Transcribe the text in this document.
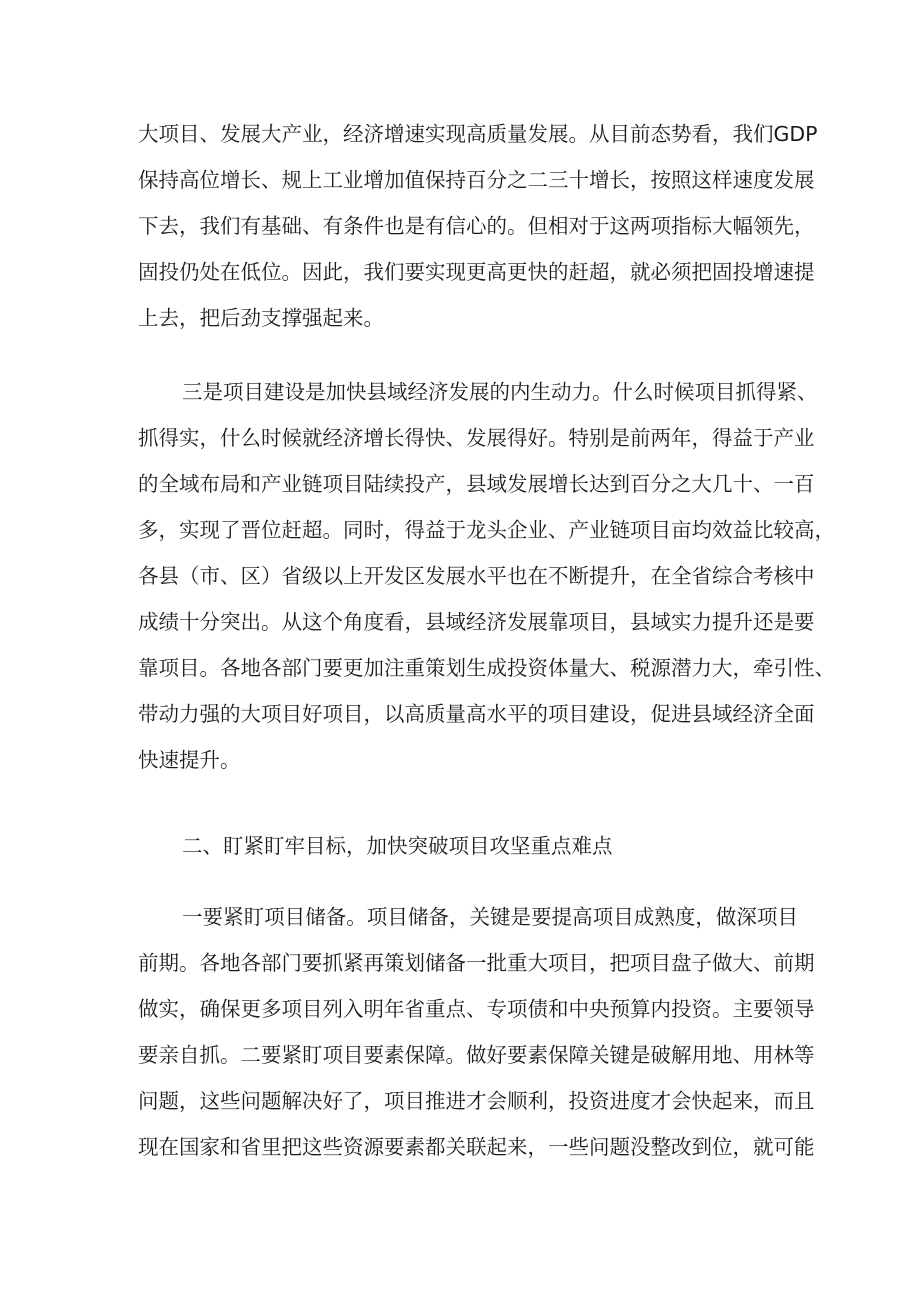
大项目、发展大产业，经济增速实现高质量发展。从目前态势看，我们GDP
保持高位增长、规上工业增加值保持百分之二三十增长，按照这样速度发展
下去，我们有基础、有条件也是有信心的。但相对于这两项指标大幅领先，
固投仍处在低位。因此，我们要实现更高更快的赶超，就必须把固投增速提
上去，把后劲支撑强起来。
三是项目建设是加快县域经济发展的内生动力。什么时候项目抓得紧、
抓得实，什么时候就经济增长得快、发展得好。特别是前两年，得益于产业
的全域布局和产业链项目陆续投产，县域发展增长达到百分之大几十、一百
多，实现了晋位赶超。同时，得益于龙头企业、产业链项目亩均效益比较高，
各县（市、区）省级以上开发区发展水平也在不断提升，在全省综合考核中
成绩十分突出。从这个角度看，县域经济发展靠项目，县域实力提升还是要
靠项目。各地各部门要更加注重策划生成投资体量大、税源潜力大，牵引性、
带动力强的大项目好项目，以高质量高水平的项目建设，促进县域经济全面
快速提升。
二、盯紧盯牢目标，加快突破项目攻坚重点难点
一要紧盯项目储备。项目储备，关键是要提高项目成熟度，做深项目
前期。各地各部门要抓紧再策划储备一批重大项目，把项目盘子做大、前期
做实，确保更多项目列入明年省重点、专项债和中央预算内投资。主要领导
要亲自抓。二要紧盯项目要素保障。做好要素保障关键是破解用地、用林等
问题，这些问题解决好了，项目推进才会顺利，投资进度才会快起来，而且
现在国家和省里把这些资源要素都关联起来，一些问题没整改到位，就可能
